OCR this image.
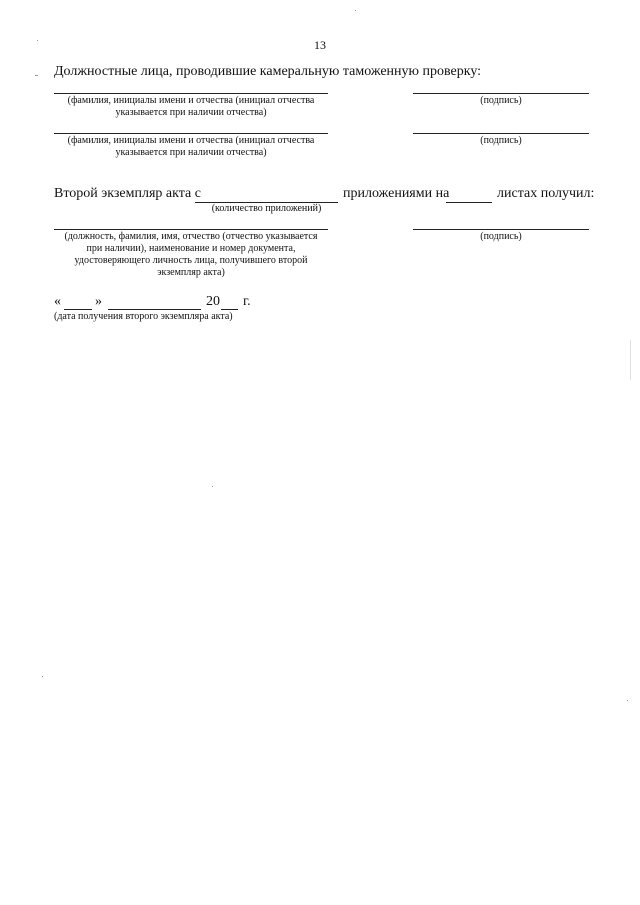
13
Должностные лица, проводившие камеральную таможенную проверку:
(фамилия, инициалы имени и отчества (инициал отчества
указывается при наличии отчества)
(подпись)
(фамилия, инициалы имени и отчества (инициал отчества
указывается при наличии отчества)
(подпись)
Второй экземпляр акта с
(количество приложений)
приложениями на	листах получил:
(должность, фамилия, имя, отчество (отчество указывается
при наличии), наименование и номер документа,
удостоверяющего личность лица, получившего второй
экземпляр акта)
(подпись)
« »	20 г.
(дата получения второго экземпляра акта)
